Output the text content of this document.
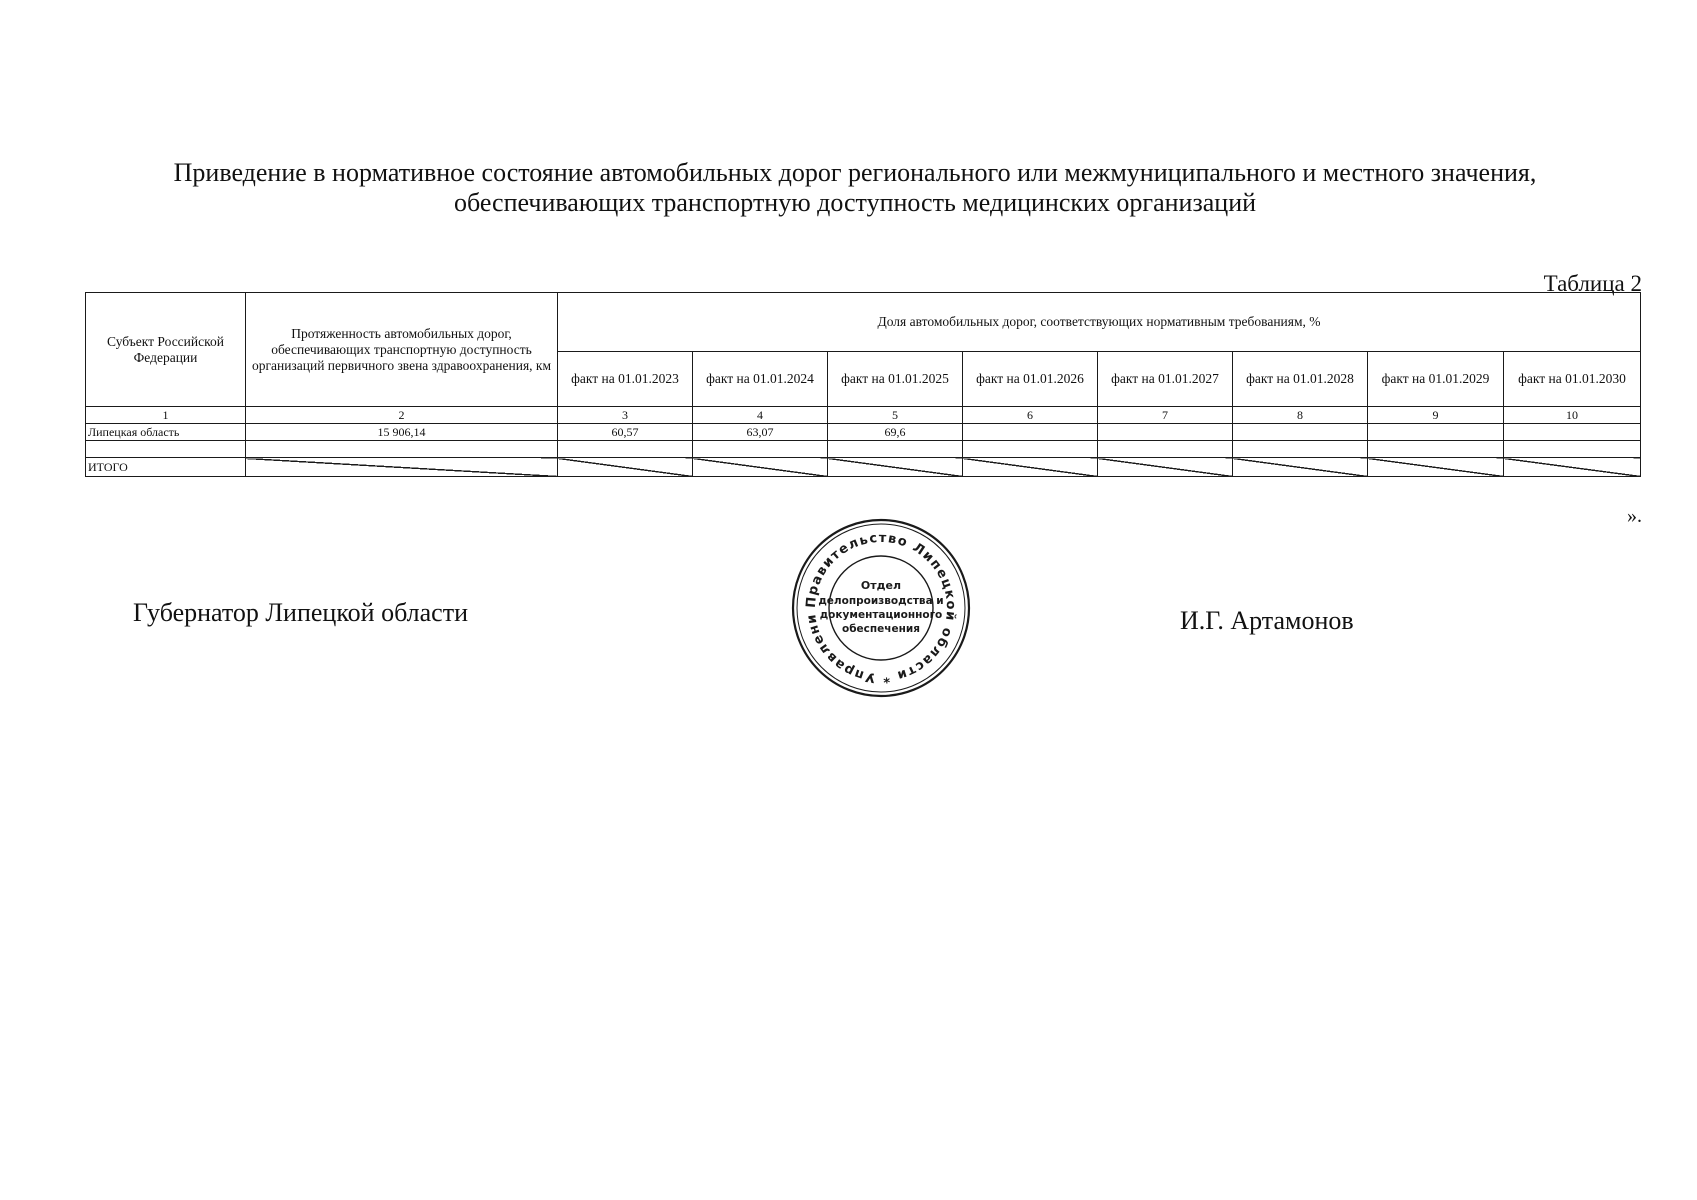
Приведение в нормативное состояние автомобильных дорог регионального или межмуниципального и местного значения, обеспечивающих транспортную доступность медицинских организаций
Таблица 2
Субъект Российской Федерации	Протяженность автомобильных дорог, обеспечивающих транспортную доступность организаций первичного звена здравоохранения, км	Доля автомобильных дорог, соответствующих нормативным требованиям, %							
		факт на 01.01.2023	факт на 01.01.2024	факт на 01.01.2025	факт на 01.01.2026	факт на 01.01.2027	факт на 01.01.2028	факт на 01.01.2029	факт на 01.01.2030
1	2	3	4	5	6	7	8	9	10
Липецкая область	15 906,14	60,57	63,07	69,6					

ИТОГО									
».
Губернатор Липецкой области	Правительство Липецкой области * Управлени
Отдел
делопроизводства и
документационного
обеспечения	И.Г. Артамонов
